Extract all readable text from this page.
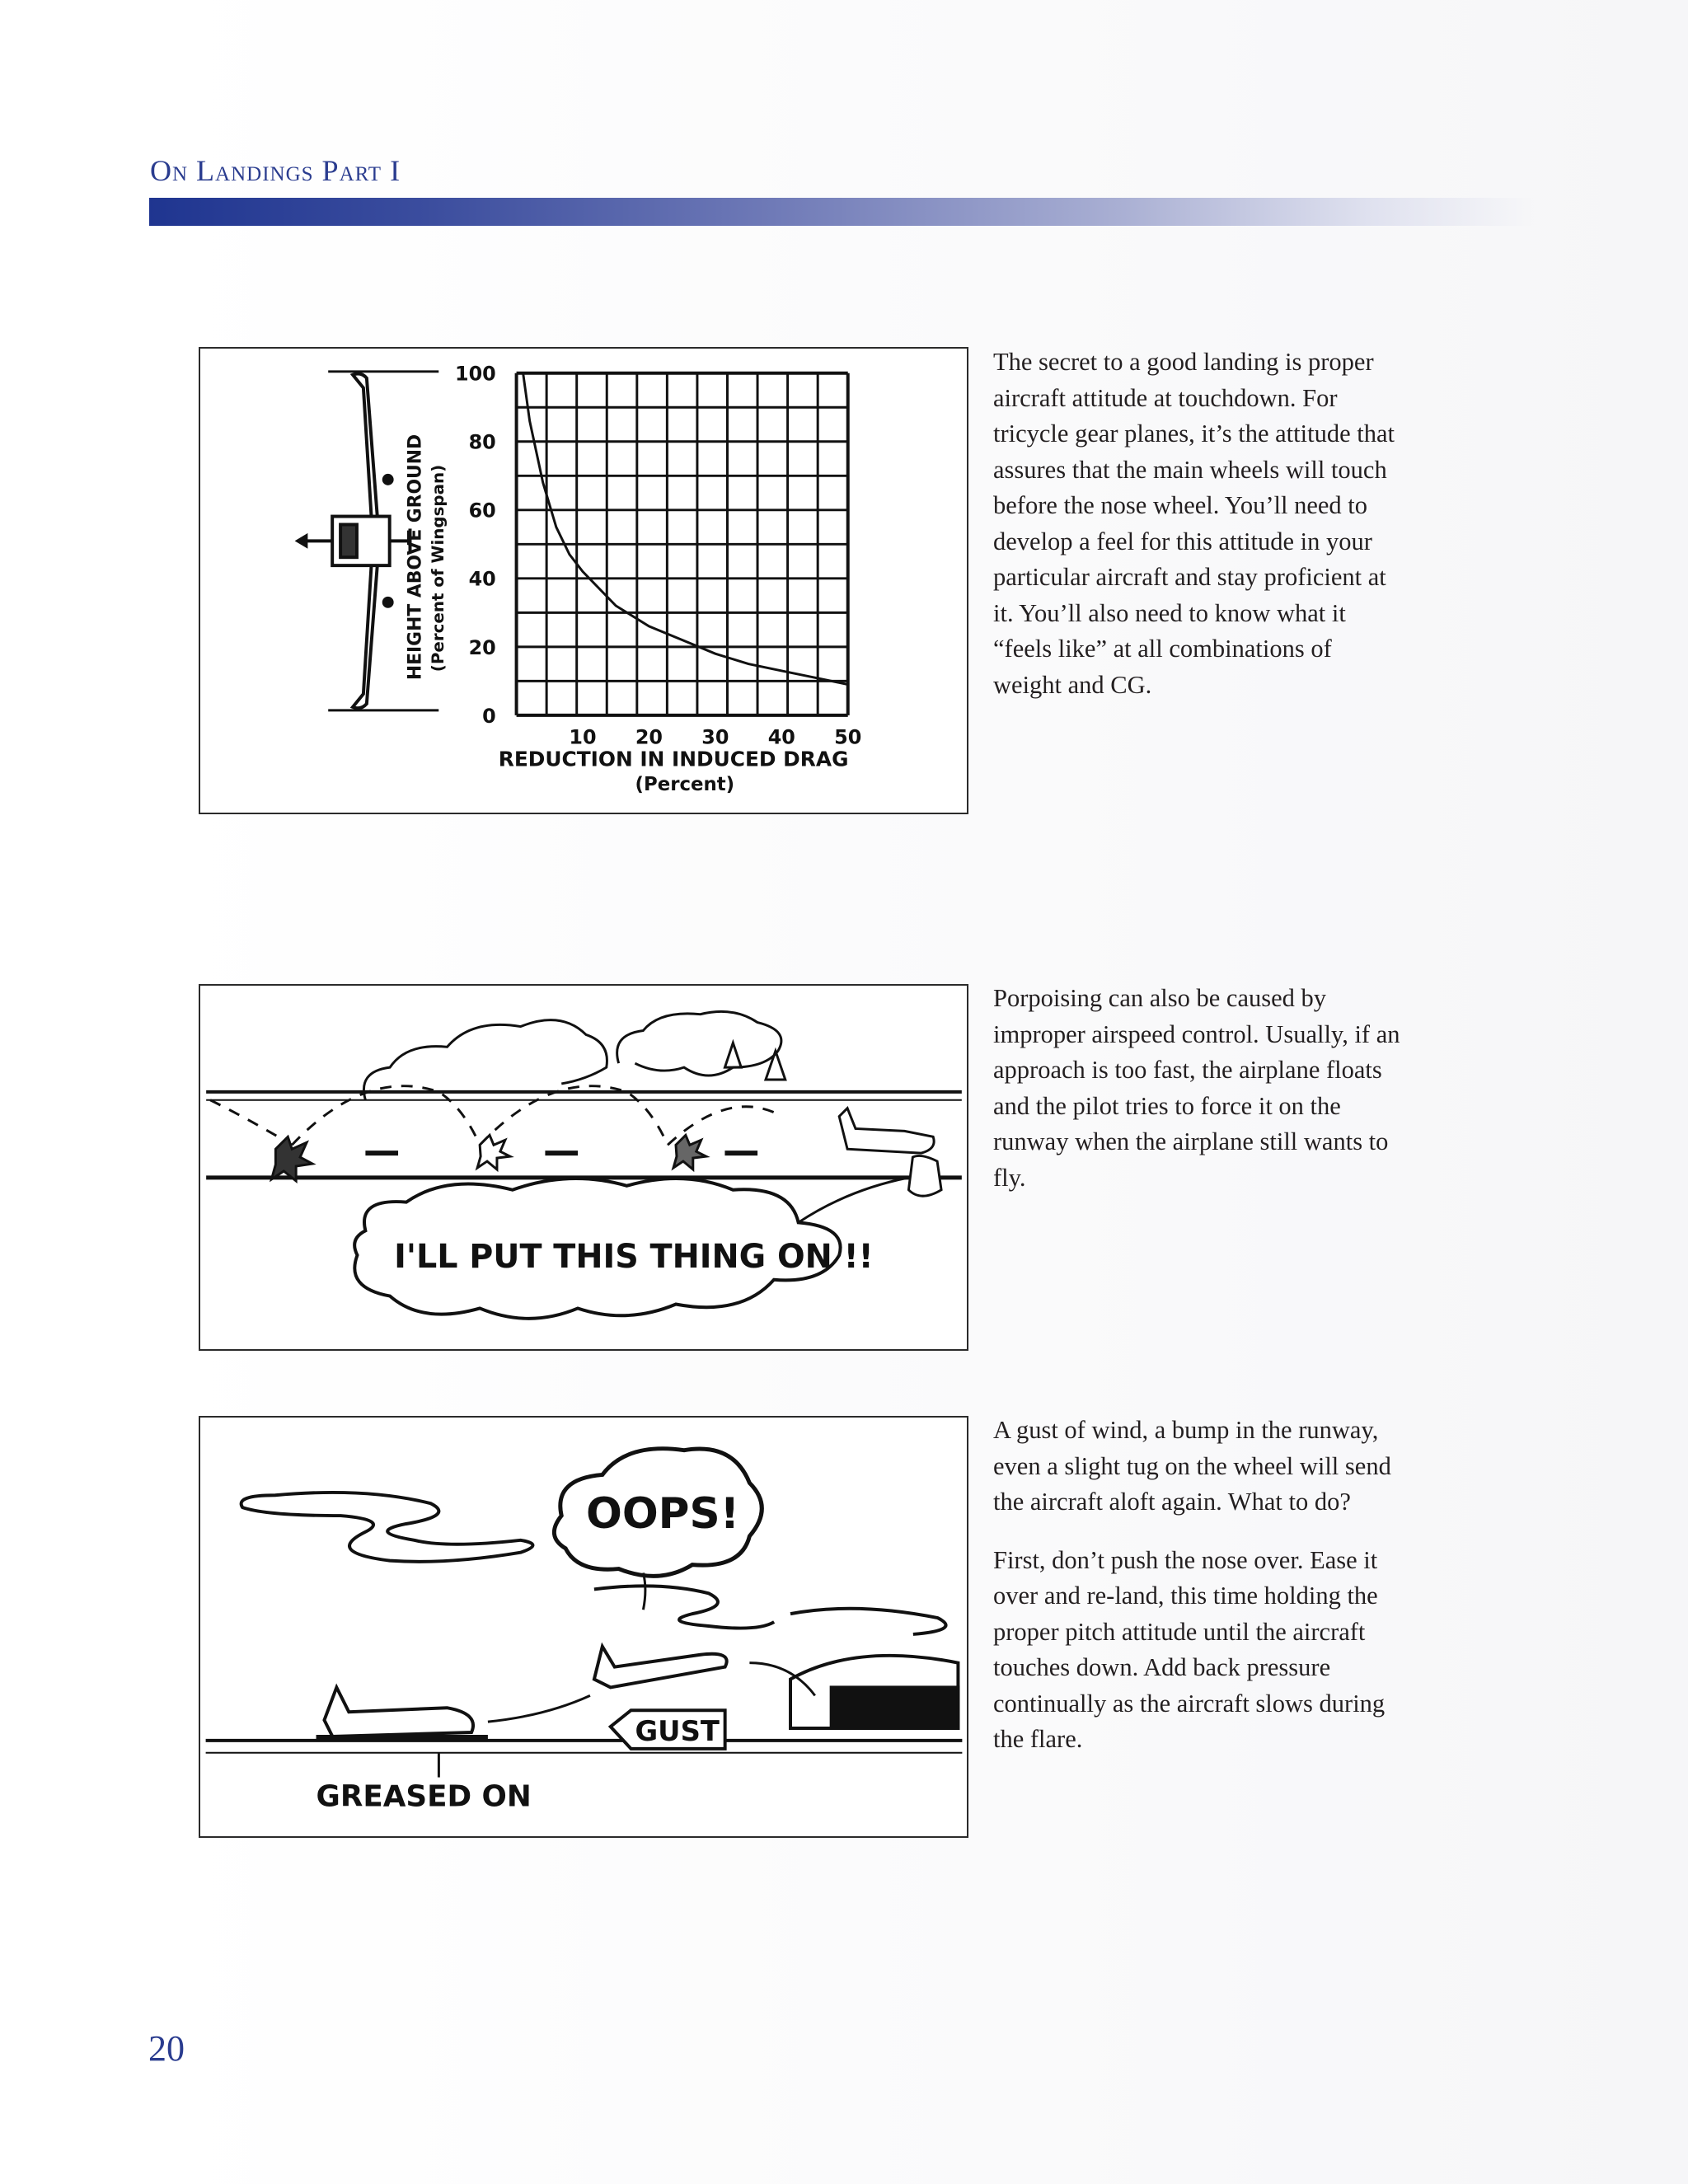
On Landings Part I
HEIGHT ABOVE GROUND (Percent of Wingspan)
REDUCTION IN INDUCED DRAG
(Percent)
100
80
60
40
20
0
10 20 30 40 50
I'LL PUT THIS THING ON !!
OOPS!
GUST
GREASED ON

The secret to a good landing is proper aircraft attitude at touchdown. For tricycle gear planes, it’s the attitude that assures that the main wheels will touch before the nose wheel. You’ll need to develop a feel for this attitude in your particular aircraft and stay proficient at it. You’ll also need to know what it “feels like” at all combinations of weight and CG.

Porpoising can also be caused by improper airspeed control. Usually, if an approach is too fast, the airplane floats and the pilot tries to force it on the runway when the airplane still wants to fly.

A gust of wind, a bump in the runway, even a slight tug on the wheel will send the aircraft aloft again. What to do?

First, don’t push the nose over. Ease it over and re-land, this time holding the proper pitch attitude until the aircraft touches down. Add back pressure continually as the aircraft slows during the flare.

20
